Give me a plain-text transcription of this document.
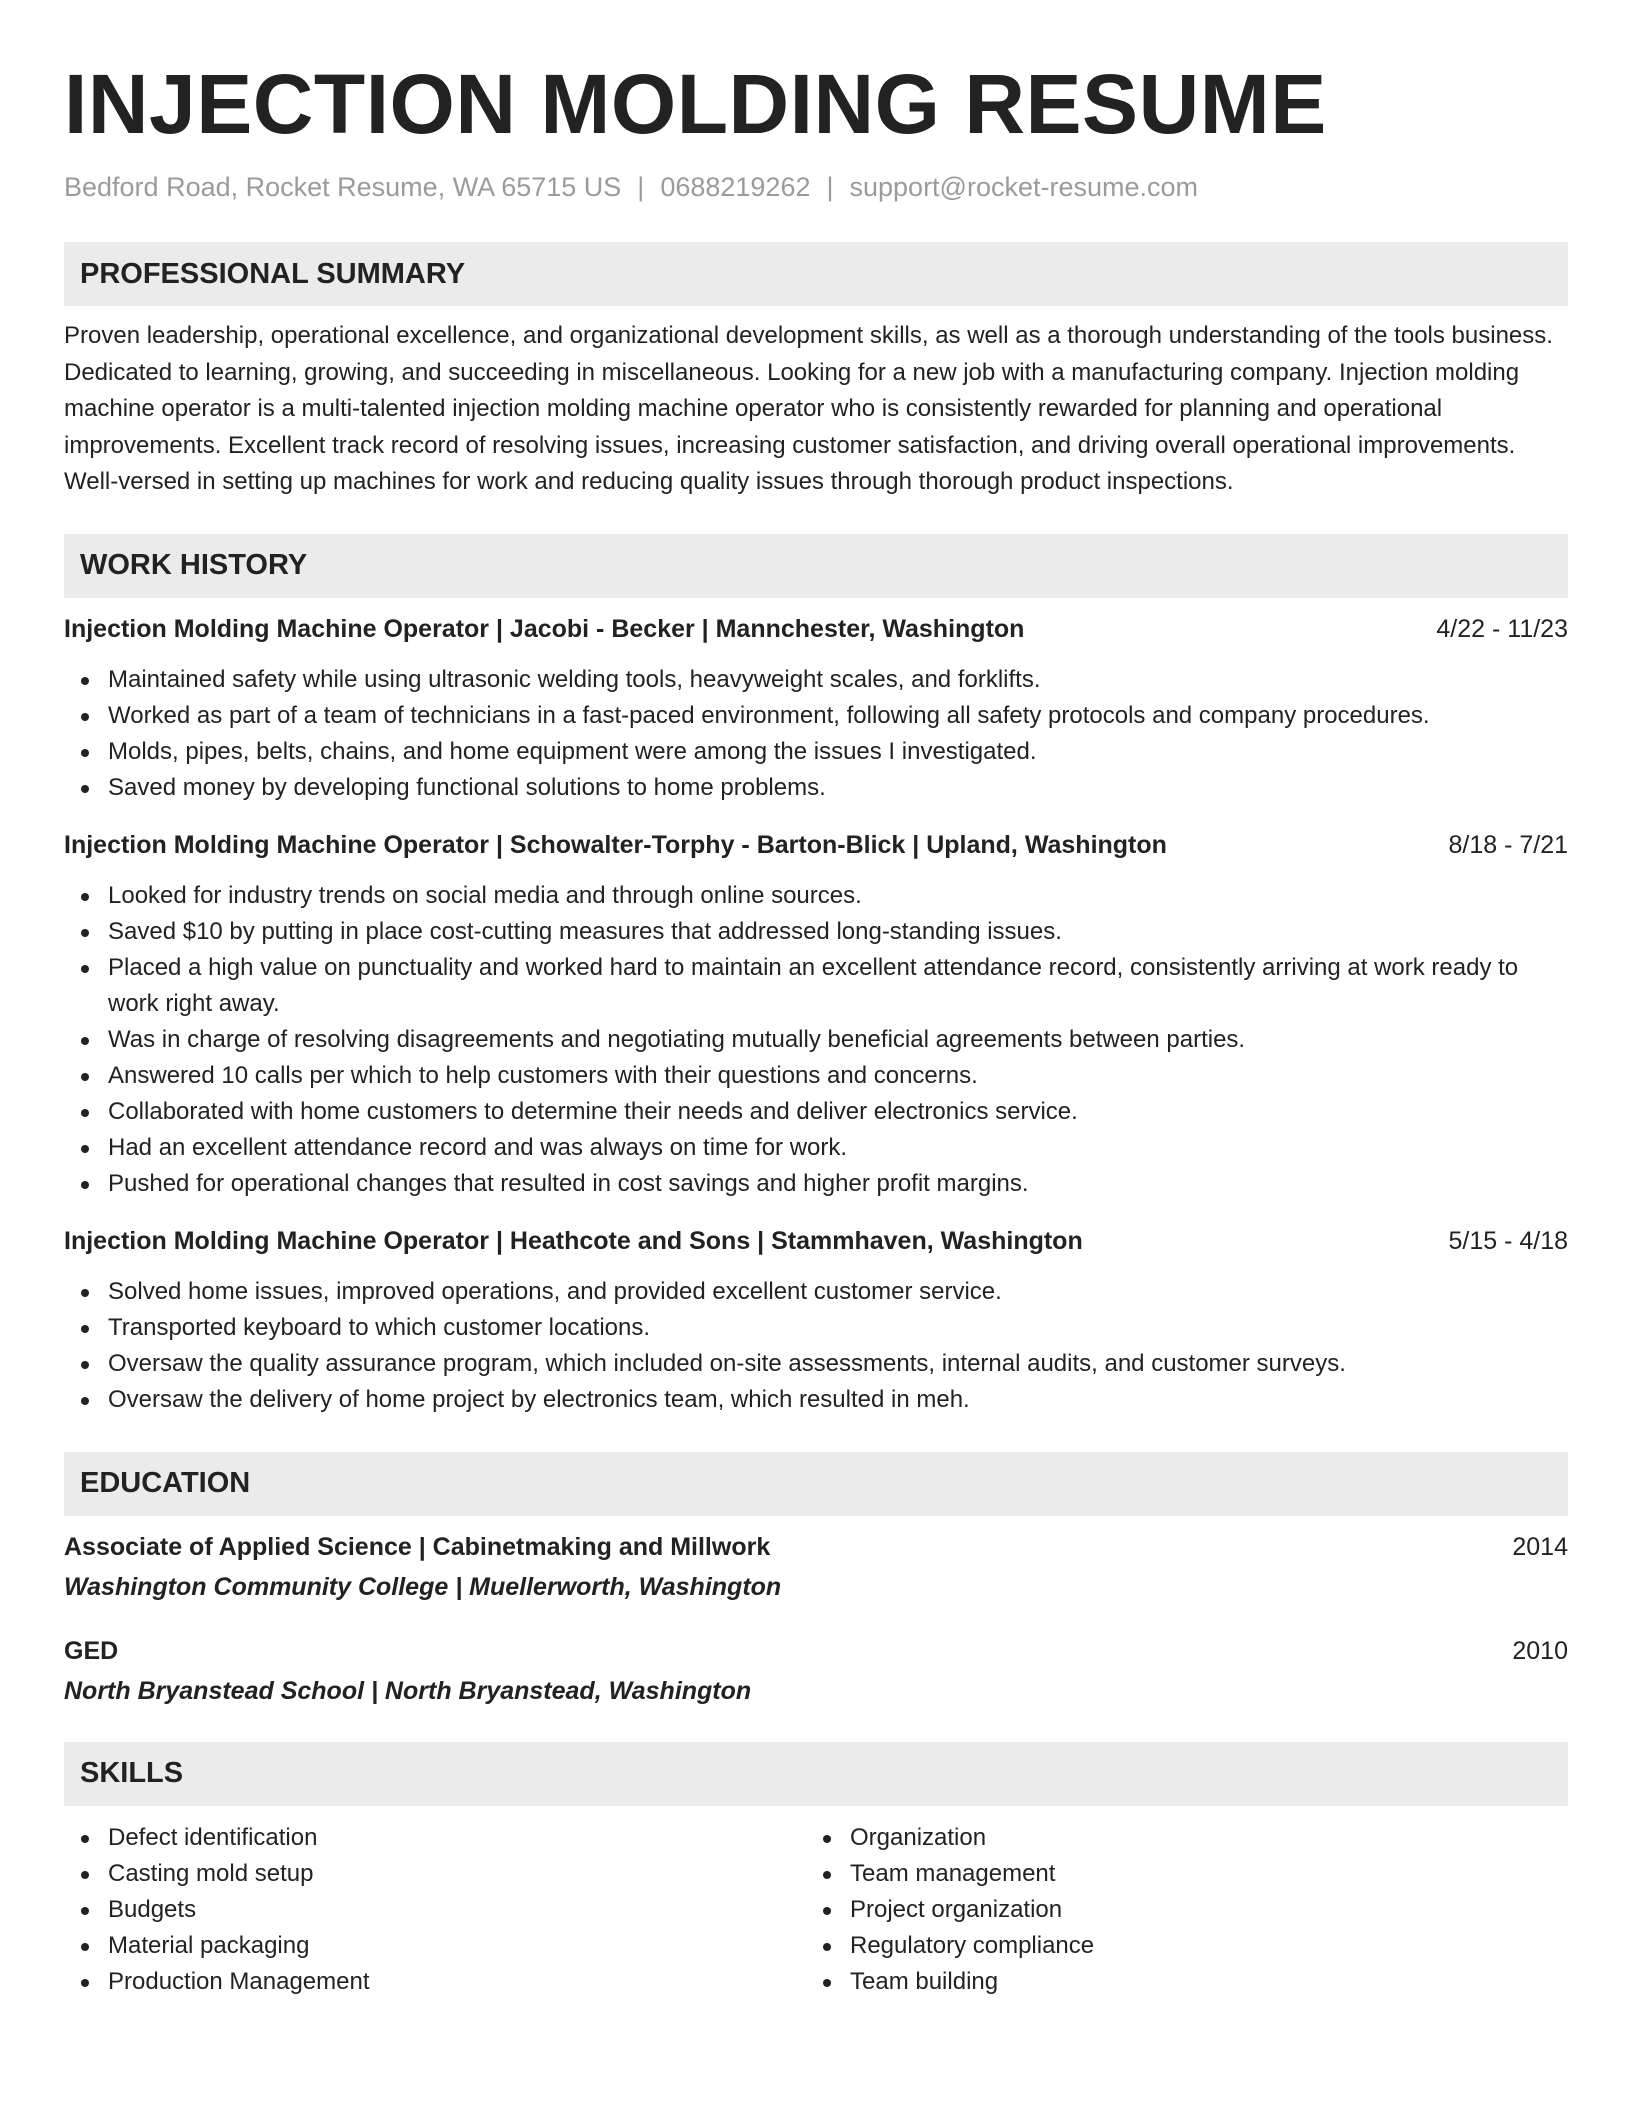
INJECTION MOLDING RESUME
Bedford Road, Rocket Resume, WA 65715 US | 0688219262 | support@rocket-resume.com
PROFESSIONAL SUMMARY
Proven leadership, operational excellence, and organizational development skills, as well as a thorough understanding of the tools business. Dedicated to learning, growing, and succeeding in miscellaneous. Looking for a new job with a manufacturing company. Injection molding machine operator is a multi-talented injection molding machine operator who is consistently rewarded for planning and operational improvements. Excellent track record of resolving issues, increasing customer satisfaction, and driving overall operational improvements. Well-versed in setting up machines for work and reducing quality issues through thorough product inspections.
WORK HISTORY
Injection Molding Machine Operator | Jacobi - Becker | Mannchester, Washington	4/22 - 11/23
Maintained safety while using ultrasonic welding tools, heavyweight scales, and forklifts.
Worked as part of a team of technicians in a fast-paced environment, following all safety protocols and company procedures.
Molds, pipes, belts, chains, and home equipment were among the issues I investigated.
Saved money by developing functional solutions to home problems.
Injection Molding Machine Operator | Schowalter-Torphy - Barton-Blick | Upland, Washington	8/18 - 7/21
Looked for industry trends on social media and through online sources.
Saved $10 by putting in place cost-cutting measures that addressed long-standing issues.
Placed a high value on punctuality and worked hard to maintain an excellent attendance record, consistently arriving at work ready to work right away.
Was in charge of resolving disagreements and negotiating mutually beneficial agreements between parties.
Answered 10 calls per which to help customers with their questions and concerns.
Collaborated with home customers to determine their needs and deliver electronics service.
Had an excellent attendance record and was always on time for work.
Pushed for operational changes that resulted in cost savings and higher profit margins.
Injection Molding Machine Operator | Heathcote and Sons | Stammhaven, Washington	5/15 - 4/18
Solved home issues, improved operations, and provided excellent customer service.
Transported keyboard to which customer locations.
Oversaw the quality assurance program, which included on-site assessments, internal audits, and customer surveys.
Oversaw the delivery of home project by electronics team, which resulted in meh.
EDUCATION
Associate of Applied Science | Cabinetmaking and Millwork	2014
Washington Community College | Muellerworth, Washington
GED	2010
North Bryanstead School | North Bryanstead, Washington
SKILLS
Defect identification
Casting mold setup
Budgets
Material packaging
Production Management
Organization
Team management
Project organization
Regulatory compliance
Team building
